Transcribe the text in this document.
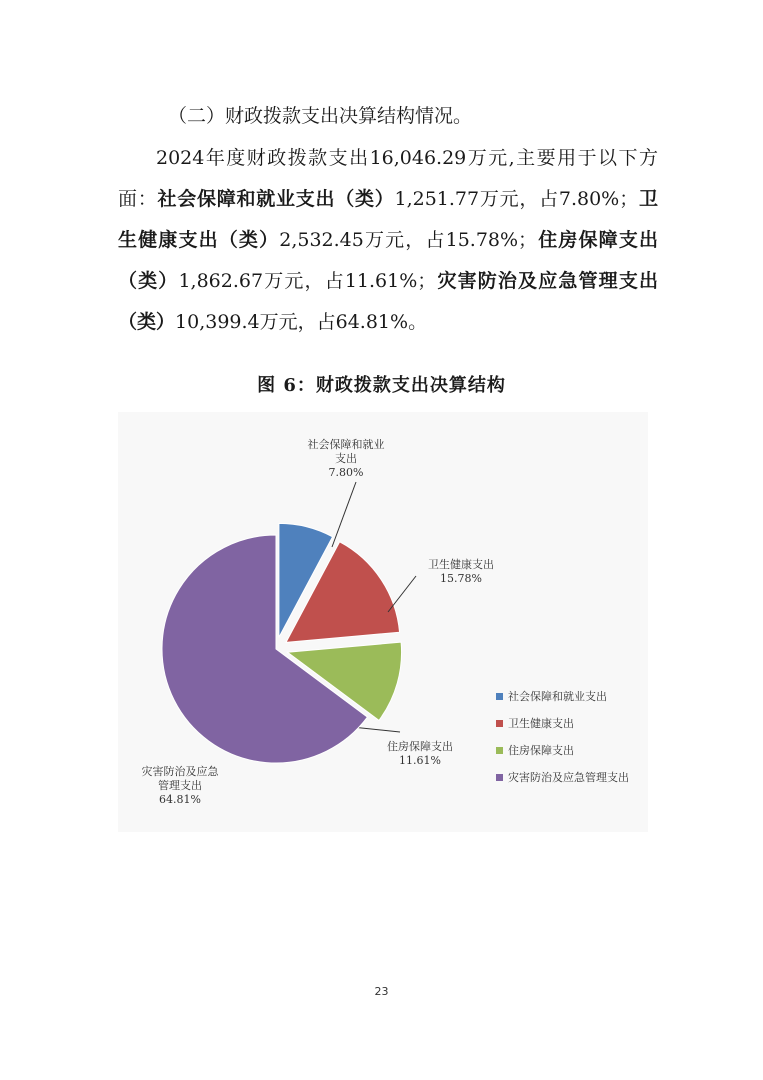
（二）财政拨款支出决算结构情况。

2024年度财政拨款支出16,046.29万元,主要用于以下方面：社会保障和就业支出（类）1,251.77万元，占7.80%；卫生健康支出（类）2,532.45万元，占15.78%；住房保障支出（类）1,862.67万元，占11.61%；灾害防治及应急管理支出（类）10,399.4万元，占64.81%。

图 6：财政拨款支出决算结构
社会保障和就业支出 7.80%
卫生健康支出 15.78%
住房保障支出 11.61%
灾害防治及应急管理支出 64.81%
社会保障和就业支出
卫生健康支出
住房保障支出
灾害防治及应急管理支出
23
